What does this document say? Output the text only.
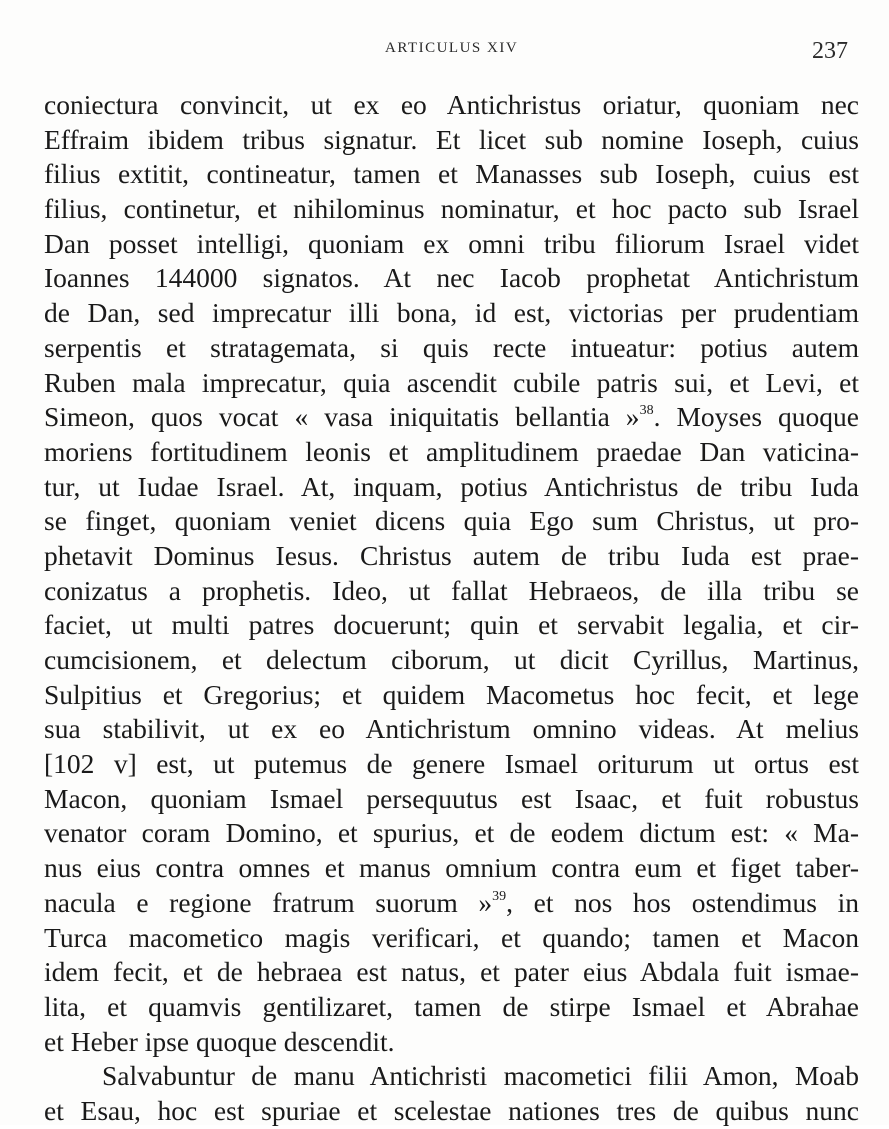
ARTICULUS XIV	237
coniectura convincit, ut ex eo Antichristus oriatur, quoniam nec
Effraim ibidem tribus signatur. Et licet sub nomine Ioseph, cuius
filius extitit, contineatur, tamen et Manasses sub Ioseph, cuius est
filius, continetur, et nihilominus nominatur, et hoc pacto sub Israel
Dan posset intelligi, quoniam ex omni tribu filiorum Israel videt
Ioannes 144000 signatos. At nec Iacob prophetat Antichristum
de Dan, sed imprecatur illi bona, id est, victorias per prudentiam
serpentis et stratagemata, si quis recte intueatur: potius autem
Ruben mala imprecatur, quia ascendit cubile patris sui, et Levi, et
Simeon, quos vocat « vasa iniquitatis bellantia »$^{38}$. Moyses quoque
moriens fortitudinem leonis et amplitudinem praedae Dan vaticina-
tur, ut Iudae Israel. At, inquam, potius Antichristus de tribu Iuda
se finget, quoniam veniet dicens quia Ego sum Christus, ut pro-
phetavit Dominus Iesus. Christus autem de tribu Iuda est prae-
conizatus a prophetis. Ideo, ut fallat Hebraeos, de illa tribu se
faciet, ut multi patres docuerunt; quin et servabit legalia, et cir-
cumcisionem, et delectum ciborum, ut dicit Cyrillus, Martinus,
Sulpitius et Gregorius; et quidem Macometus hoc fecit, et lege
sua stabilivit, ut ex eo Antichristum omnino videas. At melius
[102 v] est, ut putemus de genere Ismael oriturum ut ortus est
Macon, quoniam Ismael persequutus est Isaac, et fuit robustus
venator coram Domino, et spurius, et de eodem dictum est: « Ma-
nus eius contra omnes et manus omnium contra eum et figet taber-
nacula e regione fratrum suorum »$^{39}$, et nos hos ostendimus in
Turca macometico magis verificari, et quando; tamen et Macon
idem fecit, et de hebraea est natus, et pater eius Abdala fuit ismae-
lita, et quamvis gentilizaret, tamen de stirpe Ismael et Abrahae
et Heber ipse quoque descendit.
Salvabuntur de manu Antichristi macometici filii Amon, Moab
et Esau, hoc est spuriae et scelestae nationes tres de quibus nunc
